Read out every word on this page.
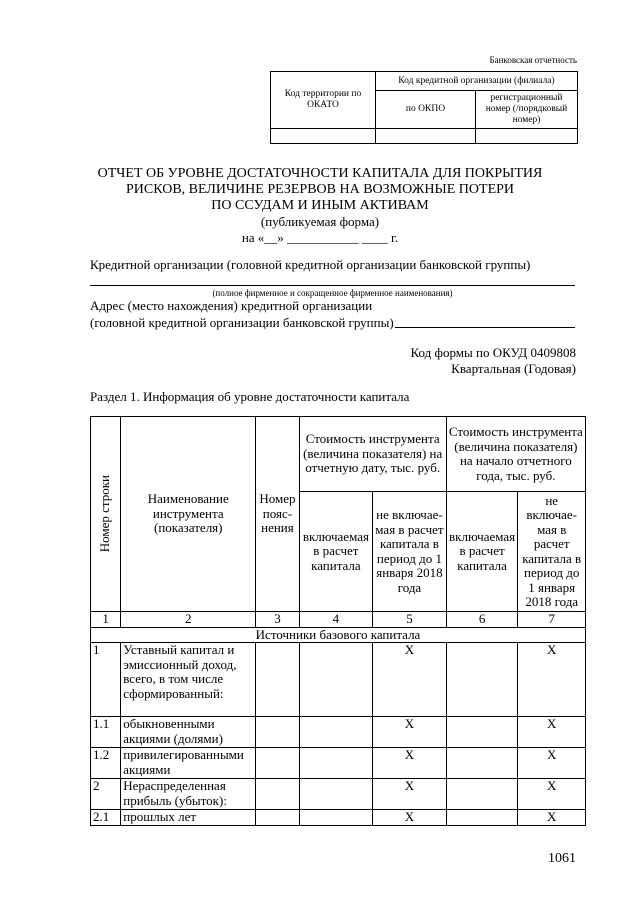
Банковская отчетность
Код территории по ОКАТО	Код кредитной организации (филиала)	
	по ОКПО	регистрационный номер (/порядковый номер)

ОТЧЕТ ОБ УРОВНЕ ДОСТАТОЧНОСТИ КАПИТАЛА ДЛЯ ПОКРЫТИЯ
РИСКОВ, ВЕЛИЧИНЕ РЕЗЕРВОВ НА ВОЗМОЖНЫЕ ПОТЕРИ
ПО ССУДАМ И ИНЫМ АКТИВАМ
(публикуемая форма)
на «__» ___________ ____ г.
Кредитной организации (головной кредитной организации банковской группы)
(полное фирменное и сокращенное фирменное наименования)
Адрес (место нахождения) кредитной организации
(головной кредитной организации банковской группы)
Код формы по ОКУД 0409808
Квартальная (Годовая)
Раздел 1. Информация об уровне достаточности капитала
Номер строки	Наименование инструмента (показателя)	Номер пояс-нения	Стоимость инструмента (величина показателя) на отчетную дату, тыс. руб.		Стоимость инструмента (величина показателя) на начало отчетного года, тыс. руб.	
			включаемая в расчет капитала	не включае-мая в расчет капитала в период до 1 января 2018 года	включаемая в расчет капитала	не включае-мая в расчет капитала в период до 1 января 2018 года
1	2	3	4	5	6	7
Источники базового капитала						
1	Уставный капитал и эмиссионный доход, всего, в том числе сформированный:			X		X
1.1	обыкновенными акциями (долями)			X		X
1.2	привилегированными акциями			X		X
2	Нераспределенная прибыль (убыток):			X		X
2.1	прошлых лет			X		X
1061
